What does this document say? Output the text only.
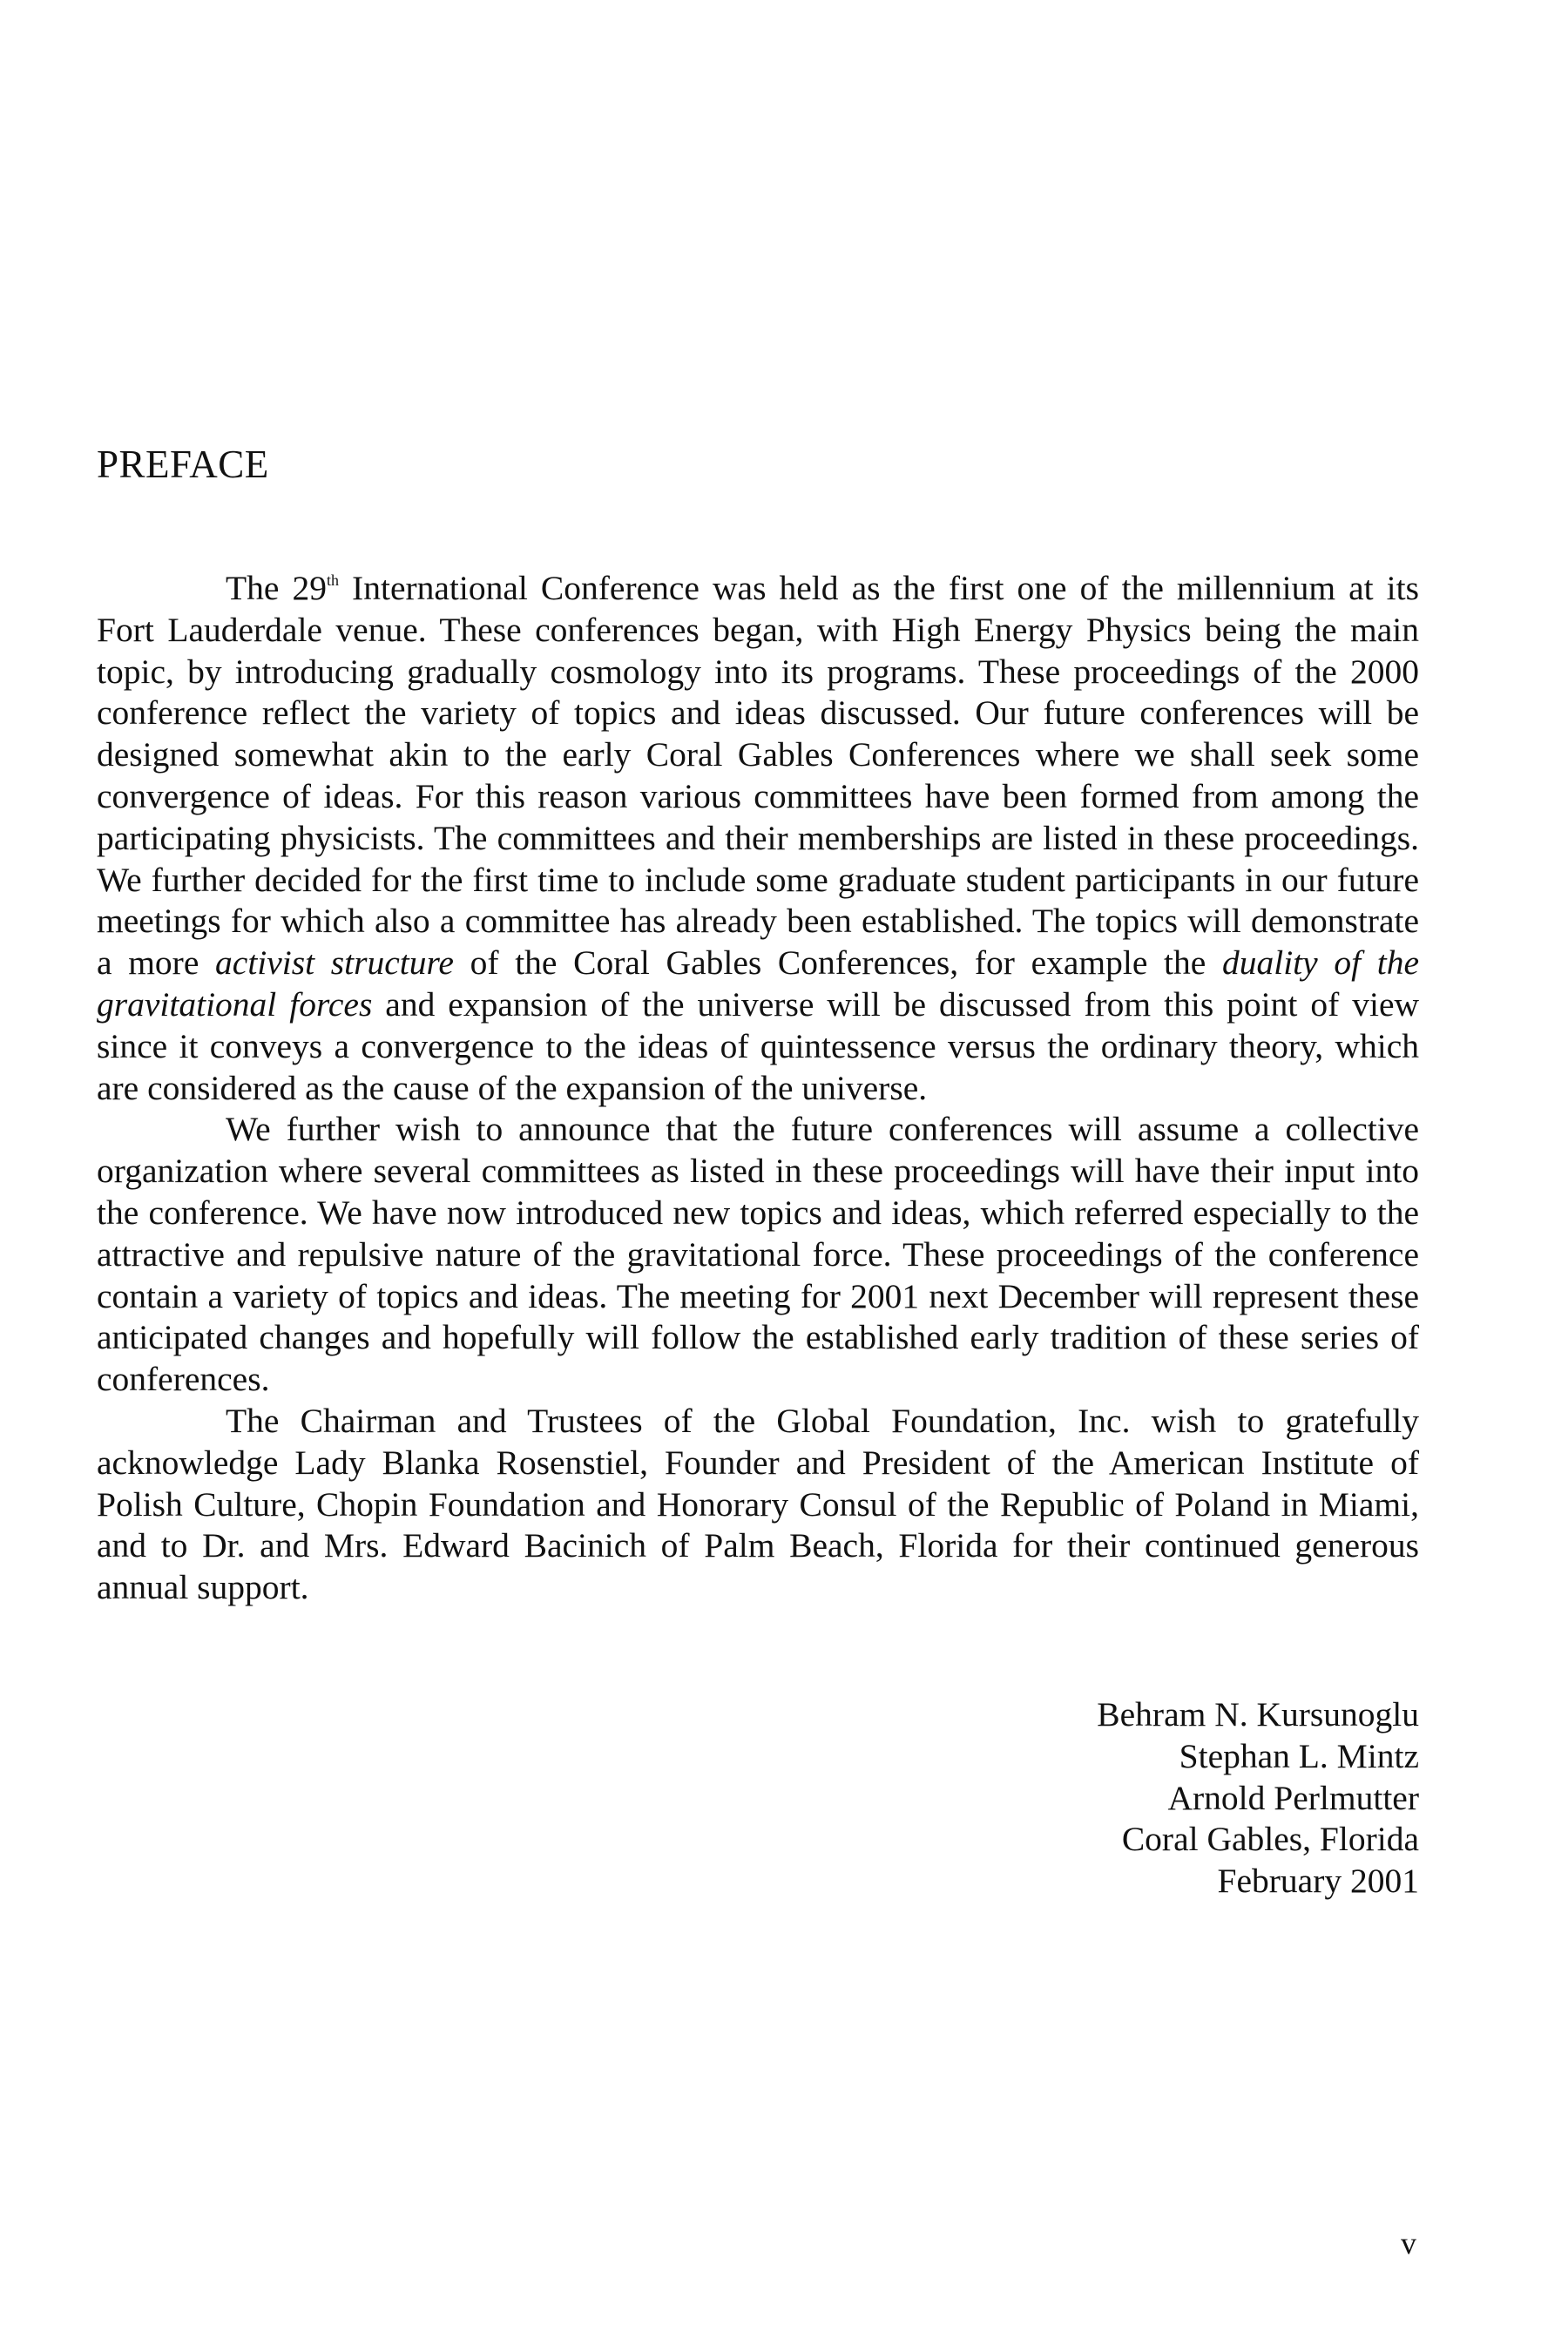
PREFACE

The 29th International Conference was held as the first one of the millennium at its Fort Lauderdale venue. These conferences began, with High Energy Physics being the main topic, by introducing gradually cosmology into its programs. These proceedings of the 2000 conference reflect the variety of topics and ideas discussed. Our future conferences will be designed somewhat akin to the early Coral Gables Conferences where we shall seek some convergence of ideas. For this reason various committees have been formed from among the participating physicists. The committees and their memberships are listed in these proceedings. We further decided for the first time to include some graduate student participants in our future meetings for which also a committee has already been established. The topics will demonstrate a more activist structure of the Coral Gables Conferences, for example the duality of the gravitational forces and expansion of the universe will be discussed from this point of view since it conveys a convergence to the ideas of quintessence versus the ordinary theory, which are considered as the cause of the expansion of the universe.

We further wish to announce that the future conferences will assume a collective organization where several committees as listed in these proceedings will have their input into the conference. We have now introduced new topics and ideas, which referred especially to the attractive and repulsive nature of the gravitational force. These proceedings of the conference contain a variety of topics and ideas. The meeting for 2001 next December will represent these anticipated changes and hopefully will follow the established early tradition of these series of conferences.

The Chairman and Trustees of the Global Foundation, Inc. wish to gratefully acknowledge Lady Blanka Rosenstiel, Founder and President of the American Institute of Polish Culture, Chopin Foundation and Honorary Consul of the Republic of Poland in Miami, and to Dr. and Mrs. Edward Bacinich of Palm Beach, Florida for their continued generous annual support.

Behram N. Kursunoglu
Stephan L. Mintz
Arnold Perlmutter
Coral Gables, Florida
February 2001
v
